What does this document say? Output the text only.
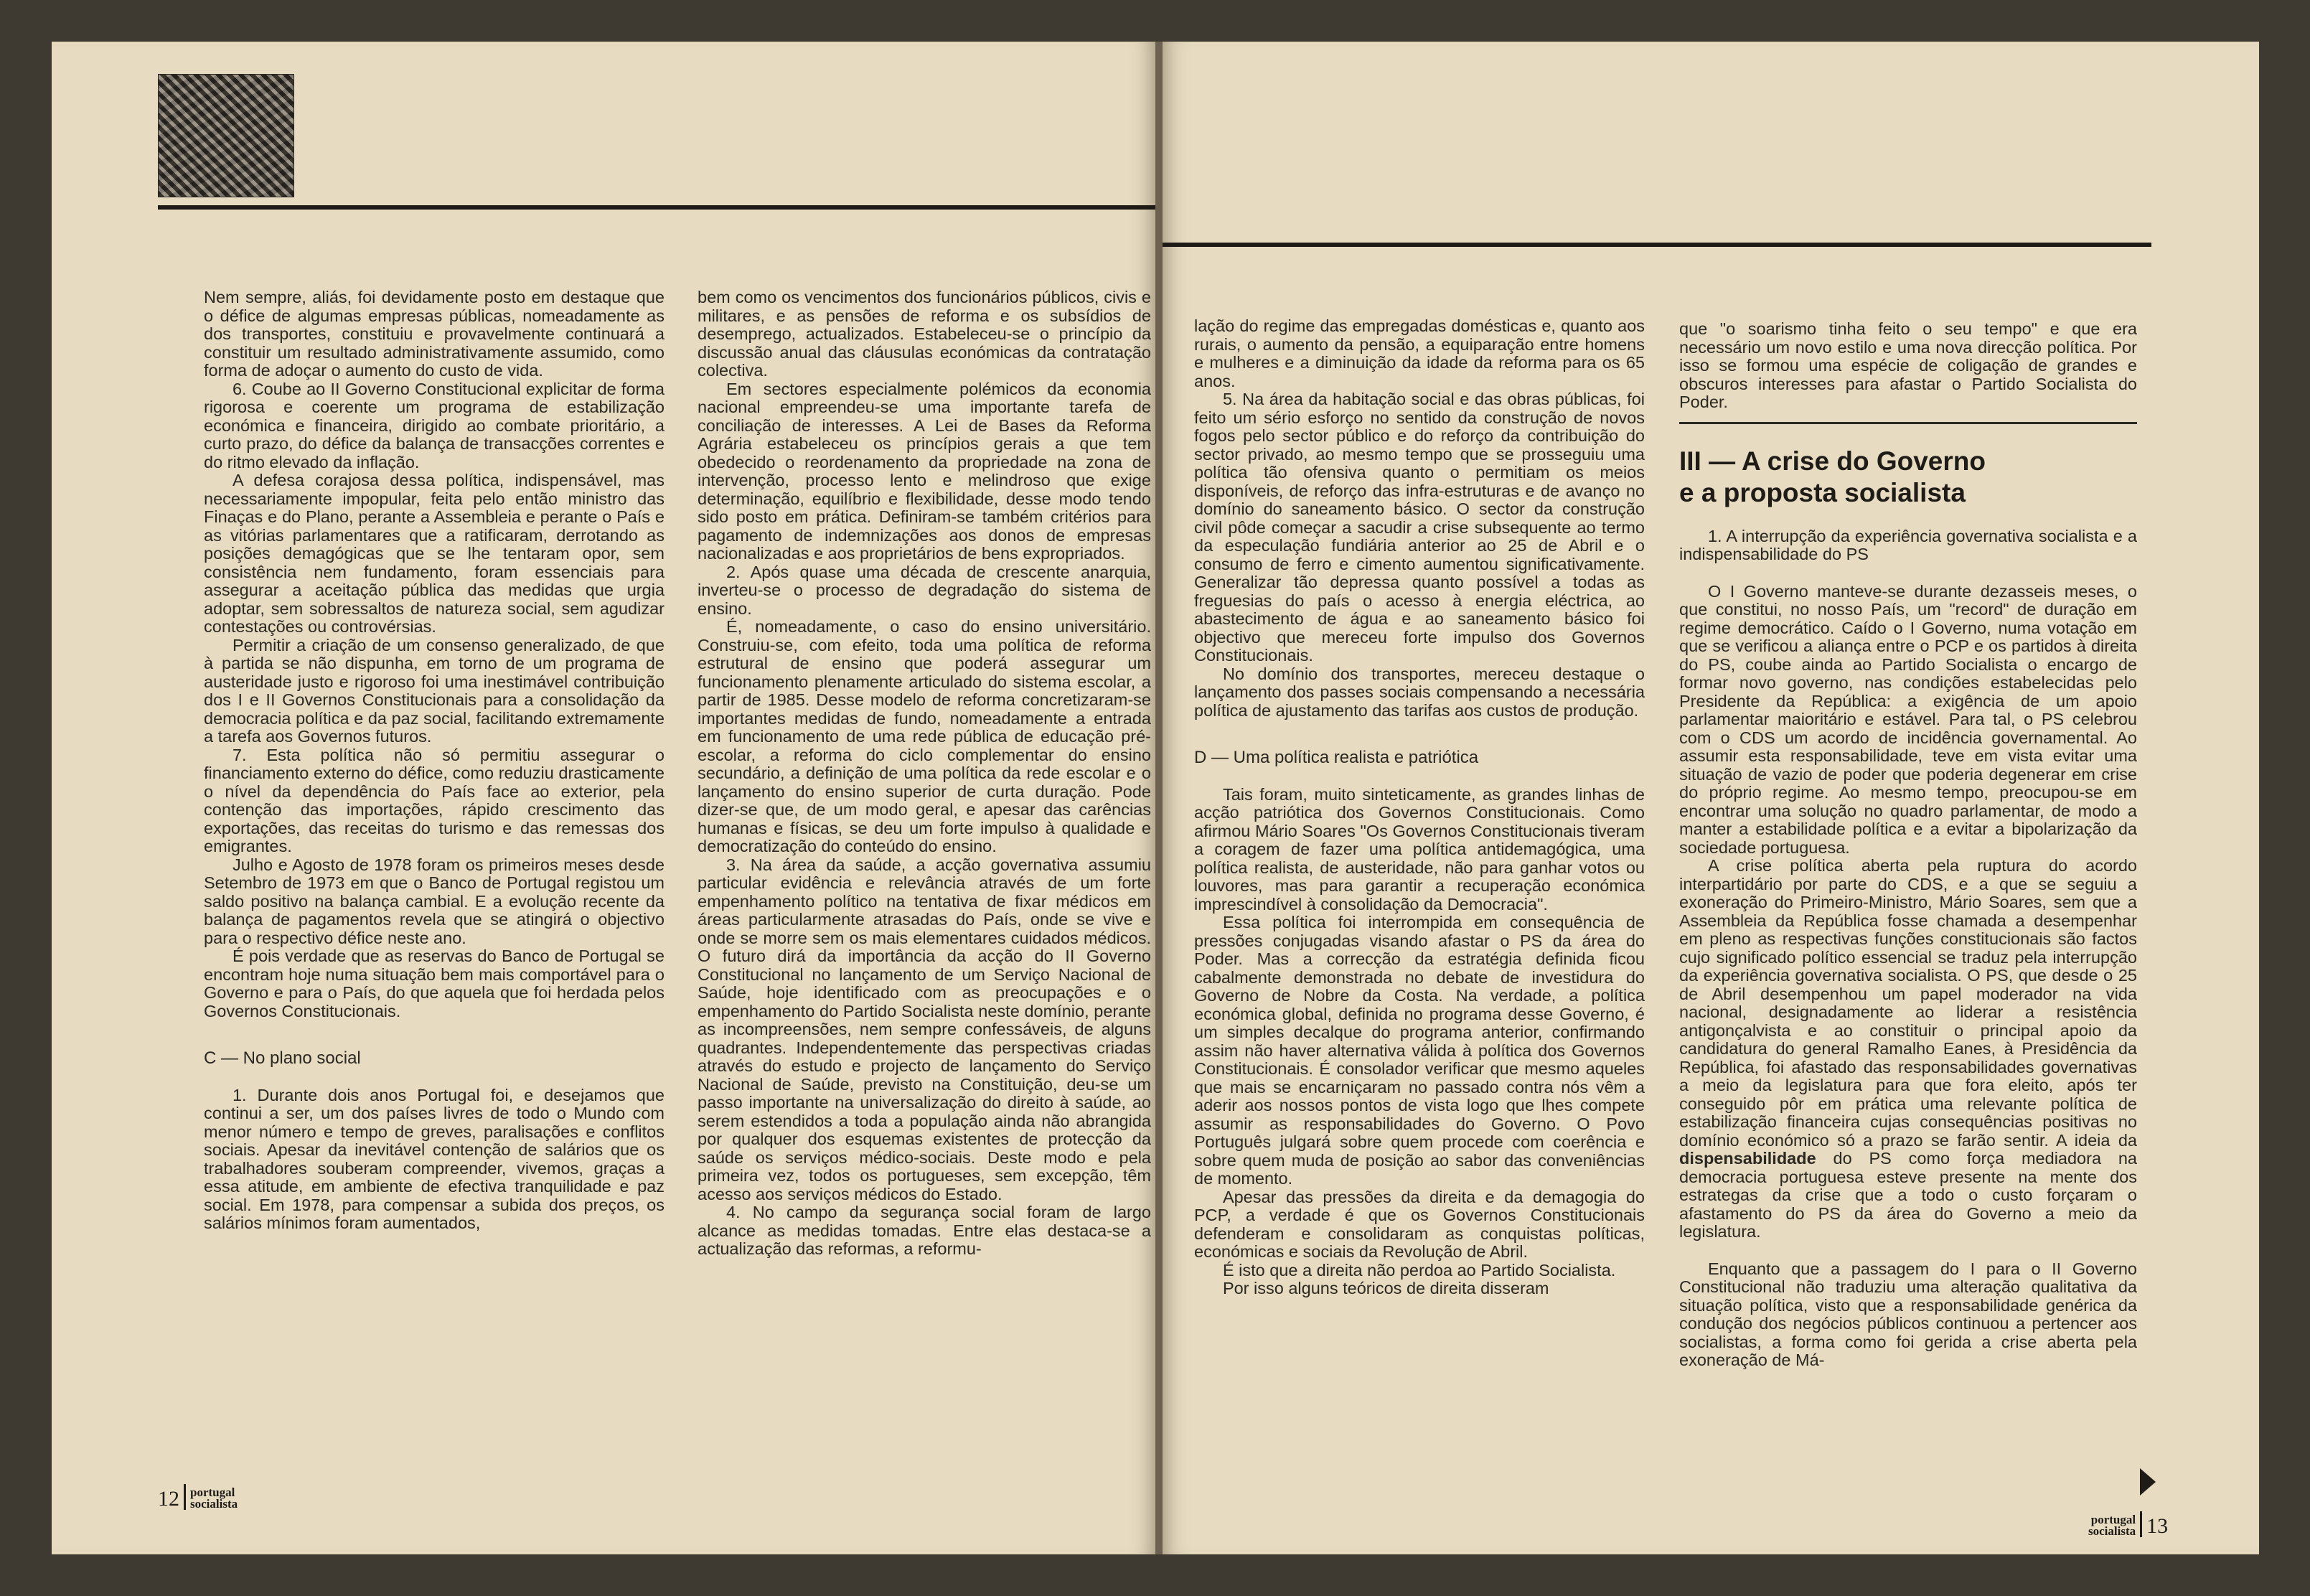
Nem sempre, aliás, foi devidamente posto em destaque que o défice de algumas empresas públicas, nomeadamente as dos transportes, constituiu e provavelmente continuará a constituir um resultado administrativamente assumido, como forma de adoçar o aumento do custo de vida.

6. Coube ao II Governo Constitucional explicitar de forma rigorosa e coerente um programa de estabilização económica e financeira, dirigido ao combate prioritário, a curto prazo, do défice da balança de transacções correntes e do ritmo elevado da inflação.

A defesa corajosa dessa política, indispensável, mas necessariamente impopular, feita pelo então ministro das Finaças e do Plano, perante a Assembleia e perante o País e as vitórias parlamentares que a ratificaram, derrotando as posições demagógicas que se lhe tentaram opor, sem consistência nem fundamento, foram essenciais para assegurar a aceitação pública das medidas que urgia adoptar, sem sobressaltos de natureza social, sem agudizar contestações ou controvérsias.

Permitir a criação de um consenso generalizado, de que à partida se não dispunha, em torno de um programa de austeridade justo e rigoroso foi uma inestimável contribuição dos I e II Governos Constitucionais para a consolidação da democracia política e da paz social, facilitando extremamente a tarefa aos Governos futuros.

7. Esta política não só permitiu assegurar o financiamento externo do défice, como reduziu drasticamente o nível da dependência do País face ao exterior, pela contenção das importações, rápido crescimento das exportações, das receitas do turismo e das remessas dos emigrantes.

Julho e Agosto de 1978 foram os primeiros meses desde Setembro de 1973 em que o Banco de Portugal registou um saldo positivo na balança cambial. E a evolução recente da balança de pagamentos revela que se atingirá o objectivo para o respectivo défice neste ano.

É pois verdade que as reservas do Banco de Portugal se encontram hoje numa situação bem mais comportável para o Governo e para o País, do que aquela que foi herdada pelos Governos Constitucionais.

C — No plano social

1. Durante dois anos Portugal foi, e desejamos que continui a ser, um dos países livres de todo o Mundo com menor número e tempo de greves, paralisações e conflitos sociais. Apesar da inevitável contenção de salários que os trabalhadores souberam compreender, vivemos, graças a essa atitude, em ambiente de efectiva tranquilidade e paz social. Em 1978, para compensar a subida dos preços, os salários mínimos foram aumentados,

bem como os vencimentos dos funcionários públicos, civis e militares, e as pensões de reforma e os subsídios de desemprego, actualizados. Estabeleceu-se o princípio da discussão anual das cláusulas económicas da contratação colectiva.

Em sectores especialmente polémicos da economia nacional empreendeu-se uma importante tarefa de conciliação de interesses. A Lei de Bases da Reforma Agrária estabeleceu os princípios gerais a que tem obedecido o reordenamento da propriedade na zona de intervenção, processo lento e melindroso que exige determinação, equilíbrio e flexibilidade, desse modo tendo sido posto em prática. Definiram-se também critérios para pagamento de indemnizações aos donos de empresas nacionalizadas e aos proprietários de bens expropriados.

2. Após quase uma década de crescente anarquia, inverteu-se o processo de degradação do sistema de ensino.

É, nomeadamente, o caso do ensino universitário. Construiu-se, com efeito, toda uma política de reforma estrutural de ensino que poderá assegurar um funcionamento plenamente articulado do sistema escolar, a partir de 1985. Desse modelo de reforma concretizaram-se importantes medidas de fundo, nomeadamente a entrada em funcionamento de uma rede pública de educação pré-escolar, a reforma do ciclo complementar do ensino secundário, a definição de uma política da rede escolar e o lançamento do ensino superior de curta duração. Pode dizer-se que, de um modo geral, e apesar das carências humanas e físicas, se deu um forte impulso à qualidade e democratização do conteúdo do ensino.

3. Na área da saúde, a acção governativa assumiu particular evidência e relevância através de um forte empenhamento político na tentativa de fixar médicos em áreas particularmente atrasadas do País, onde se vive e onde se morre sem os mais elementares cuidados médicos. O futuro dirá da importância da acção do II Governo Constitucional no lançamento de um Serviço Nacional de Saúde, hoje identificado com as preocupações e o empenhamento do Partido Socialista neste domínio, perante as incompreensões, nem sempre confessáveis, de alguns quadrantes. Independentemente das perspectivas criadas através do estudo e projecto de lançamento do Serviço Nacional de Saúde, previsto na Constituição, deu-se um passo importante na universalização do direito à saúde, ao serem estendidos a toda a população ainda não abrangida por qualquer dos esquemas existentes de protecção da saúde os serviços médico-sociais. Deste modo e pela primeira vez, todos os portugueses, sem excepção, têm acesso aos serviços médicos do Estado.

4. No campo da segurança social foram de largo alcance as medidas tomadas. Entre elas destaca-se a actualização das reformas, a reformu-

12 portugal
socialista

lação do regime das empregadas domésticas e, quanto aos rurais, o aumento da pensão, a equiparação entre homens e mulheres e a diminuição da idade da reforma para os 65 anos.

5. Na área da habitação social e das obras públicas, foi feito um sério esforço no sentido da construção de novos fogos pelo sector público e do reforço da contribuição do sector privado, ao mesmo tempo que se prosseguiu uma política tão ofensiva quanto o permitiam os meios disponíveis, de reforço das infra-estruturas e de avanço no domínio do saneamento básico. O sector da construção civil pôde começar a sacudir a crise subsequente ao termo da especulação fundiária anterior ao 25 de Abril e o consumo de ferro e cimento aumentou significativamente. Generalizar tão depressa quanto possível a todas as freguesias do país o acesso à energia eléctrica, ao abastecimento de água e ao saneamento básico foi objectivo que mereceu forte impulso dos Governos Constitucionais.

No domínio dos transportes, mereceu destaque o lançamento dos passes sociais compensando a necessária política de ajustamento das tarifas aos custos de produção.

D — Uma política realista e patriótica

Tais foram, muito sinteticamente, as grandes linhas de acção patriótica dos Governos Constitucionais. Como afirmou Mário Soares "Os Governos Constitucionais tiveram a coragem de fazer uma política antidemagógica, uma política realista, de austeridade, não para ganhar votos ou louvores, mas para garantir a recuperação económica imprescindível à consolidação da Democracia".

Essa política foi interrompida em consequência de pressões conjugadas visando afastar o PS da área do Poder. Mas a correcção da estratégia definida ficou cabalmente demonstrada no debate de investidura do Governo de Nobre da Costa. Na verdade, a política económica global, definida no programa desse Governo, é um simples decalque do programa anterior, confirmando assim não haver alternativa válida à política dos Governos Constitucionais. É consolador verificar que mesmo aqueles que mais se encarniçaram no passado contra nós vêm a aderir aos nossos pontos de vista logo que lhes compete assumir as responsabilidades do Governo. O Povo Português julgará sobre quem procede com coerência e sobre quem muda de posição ao sabor das conveniências de momento.

Apesar das pressões da direita e da demagogia do PCP, a verdade é que os Governos Constitucionais defenderam e consolidaram as conquistas políticas, económicas e sociais da Revolução de Abril.

É isto que a direita não perdoa ao Partido Socialista.

Por isso alguns teóricos de direita disseram

que "o soarismo tinha feito o seu tempo" e que era necessário um novo estilo e uma nova direcção política. Por isso se formou uma espécie de coligação de grandes e obscuros interesses para afastar o Partido Socialista do Poder.

III — A crise do Governo
e a proposta socialista

1. A interrupção da experiência governativa socialista e a indispensabilidade do PS

O I Governo manteve-se durante dezasseis meses, o que constitui, no nosso País, um "record" de duração em regime democrático. Caído o I Governo, numa votação em que se verificou a aliança entre o PCP e os partidos à direita do PS, coube ainda ao Partido Socialista o encargo de formar novo governo, nas condições estabelecidas pelo Presidente da República: a exigência de um apoio parlamentar maioritário e estável. Para tal, o PS celebrou com o CDS um acordo de incidência governamental. Ao assumir esta responsabilidade, teve em vista evitar uma situação de vazio de poder que poderia degenerar em crise do próprio regime. Ao mesmo tempo, preocupou-se em encontrar uma solução no quadro parlamentar, de modo a manter a estabilidade política e a evitar a bipolarização da sociedade portuguesa.

A crise política aberta pela ruptura do acordo interpartidário por parte do CDS, e a que se seguiu a exoneração do Primeiro-Ministro, Mário Soares, sem que a Assembleia da República fosse chamada a desempenhar em pleno as respectivas funções constitucionais são factos cujo significado político essencial se traduz pela interrupção da experiência governativa socialista. O PS, que desde o 25 de Abril desempenhou um papel moderador na vida nacional, designadamente ao liderar a resistência antigonçalvista e ao constituir o principal apoio da candidatura do general Ramalho Eanes, à Presidência da República, foi afastado das responsabilidades governativas a meio da legislatura para que fora eleito, após ter conseguido pôr em prática uma relevante política de estabilização financeira cujas consequências positivas no domínio económico só a prazo se farão sentir. A ideia da dispensabilidade do PS como força mediadora na democracia portuguesa esteve presente na mente dos estrategas da crise que a todo o custo forçaram o afastamento do PS da área do Governo a meio da legislatura.

Enquanto que a passagem do I para o II Governo Constitucional não traduziu uma alteração qualitativa da situação política, visto que a responsabilidade genérica da condução dos negócios públicos continuou a pertencer aos socialistas, a forma como foi gerida a crise aberta pela exoneração de Má-

portugal
socialista 13
